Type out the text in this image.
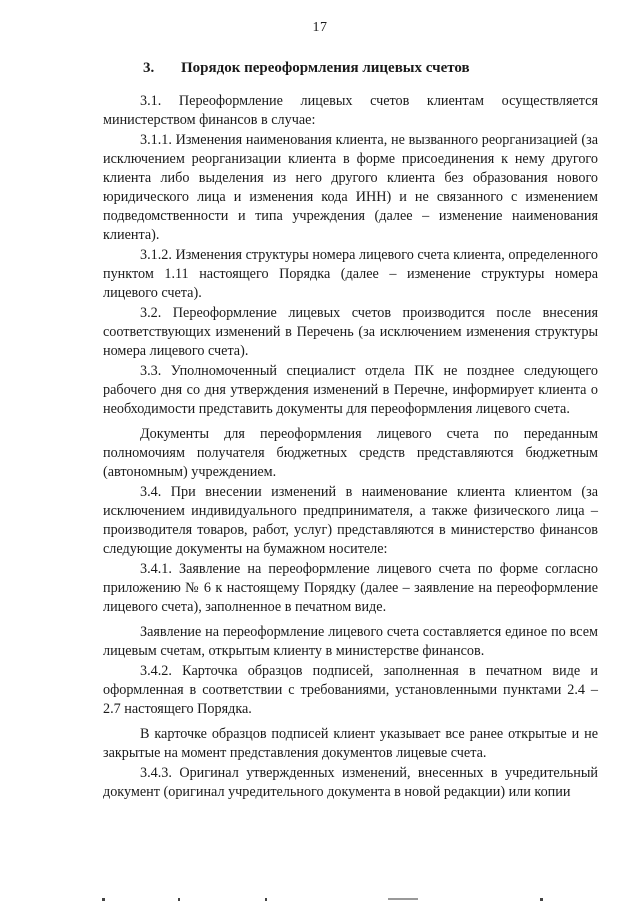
17
3. Порядок переоформления лицевых счетов

3.1. Переоформление лицевых счетов клиентам осуществляется министерством финансов в случае:

3.1.1. Изменения наименования клиента, не вызванного реорганизацией (за исключением реорганизации клиента в форме присоединения к нему другого клиента либо выделения из него другого клиента без образования нового юридического лица и изменения кода ИНН) и не связанного с изменением подведомственности и типа учреждения (далее – изменение наименования клиента).

3.1.2. Изменения структуры номера лицевого счета клиента, определенного пунктом 1.11 настоящего Порядка (далее – изменение структуры номера лицевого счета).

3.2. Переоформление лицевых счетов производится после внесения соответствующих изменений в Перечень (за исключением изменения структуры номера лицевого счета).

3.3. Уполномоченный специалист отдела ПК не позднее следующего рабочего дня со дня утверждения изменений в Перечне, информирует клиента о необходимости представить документы для переоформления лицевого счета.

Документы для переоформления лицевого счета по переданным полномочиям получателя бюджетных средств представляются бюджетным (автономным) учреждением.

3.4. При внесении изменений в наименование клиента клиентом (за исключением индивидуального предпринимателя, а также физического лица – производителя товаров, работ, услуг) представляются в министерство финансов следующие документы на бумажном носителе:

3.4.1. Заявление на переоформление лицевого счета по форме согласно приложению № 6 к настоящему Порядку (далее – заявление на переоформление лицевого счета), заполненное в печатном виде.

Заявление на переоформление лицевого счета составляется единое по всем лицевым счетам, открытым клиенту в министерстве финансов.

3.4.2. Карточка образцов подписей, заполненная в печатном виде и оформленная в соответствии с требованиями, установленными пунктами 2.4 – 2.7 настоящего Порядка.

В карточке образцов подписей клиент указывает все ранее открытые и не закрытые на момент представления документов лицевые счета.

3.4.3. Оригинал утвержденных изменений, внесенных в учредительный документ (оригинал учредительного документа в новой редакции) или копии
